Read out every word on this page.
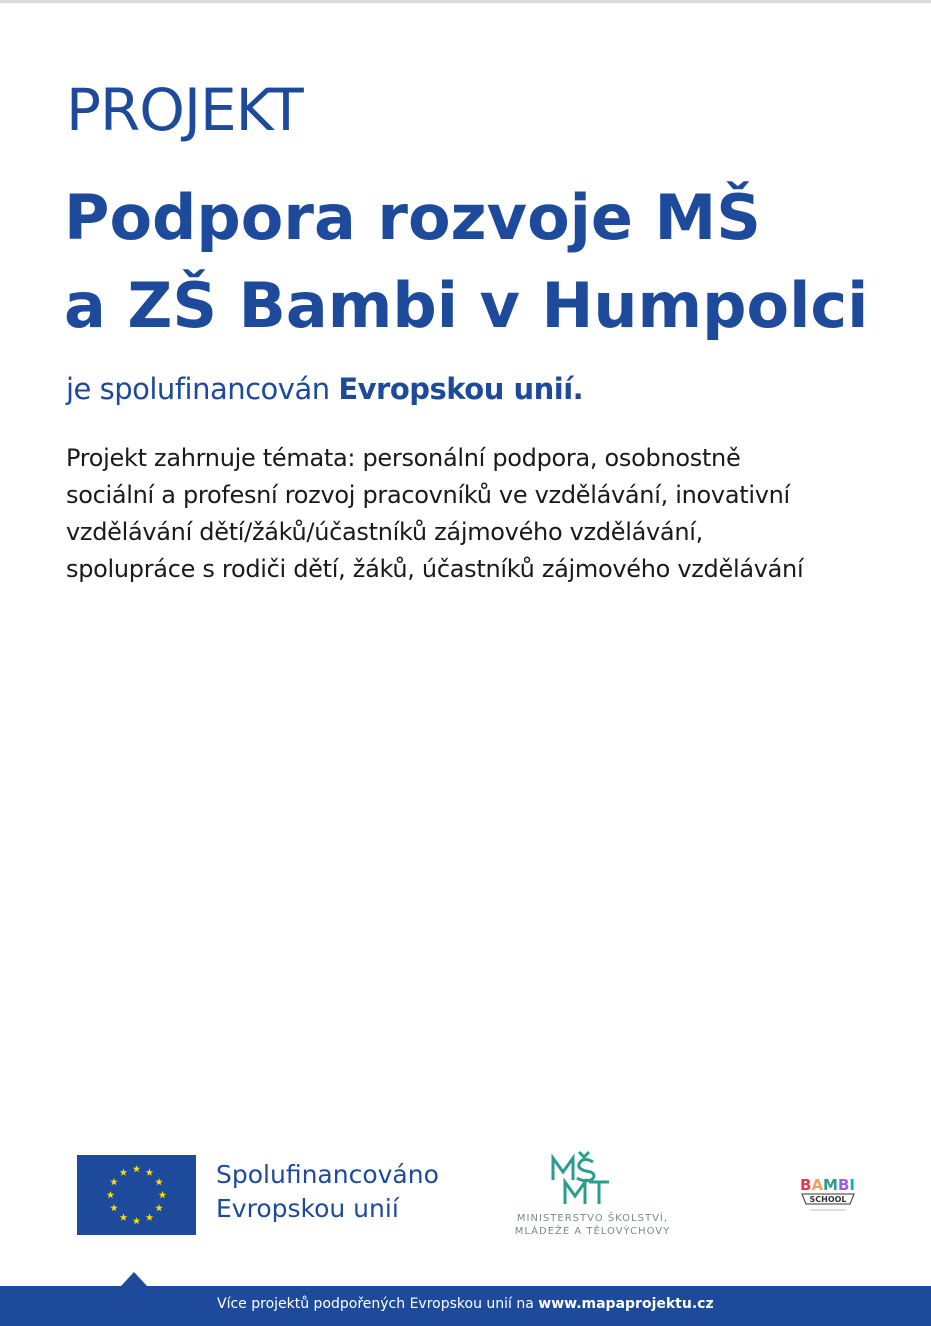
PROJEKT
Podpora rozvoje MŠ
a ZŠ Bambi v Humpolci
je spolufinancován Evropskou unií.
Projekt zahrnuje témata: personální podpora, osobnostně
sociální a profesní rozvoj pracovníků ve vzdělávání, inovativní
vzdělávání dětí/žáků/účastníků zájmového vzdělávání,
spolupráce s rodiči dětí, žáků, účastníků zájmového vzdělávání
Spolufinancováno
Evropskou unií	MINISTERSTVO ŠKOLSTVÍ,
MLÁDEŽE A TĚLOVÝCHOVY
BAMBI
SCHOOL
Více projektů podpořených Evropskou unií na www.mapaprojektu.cz
